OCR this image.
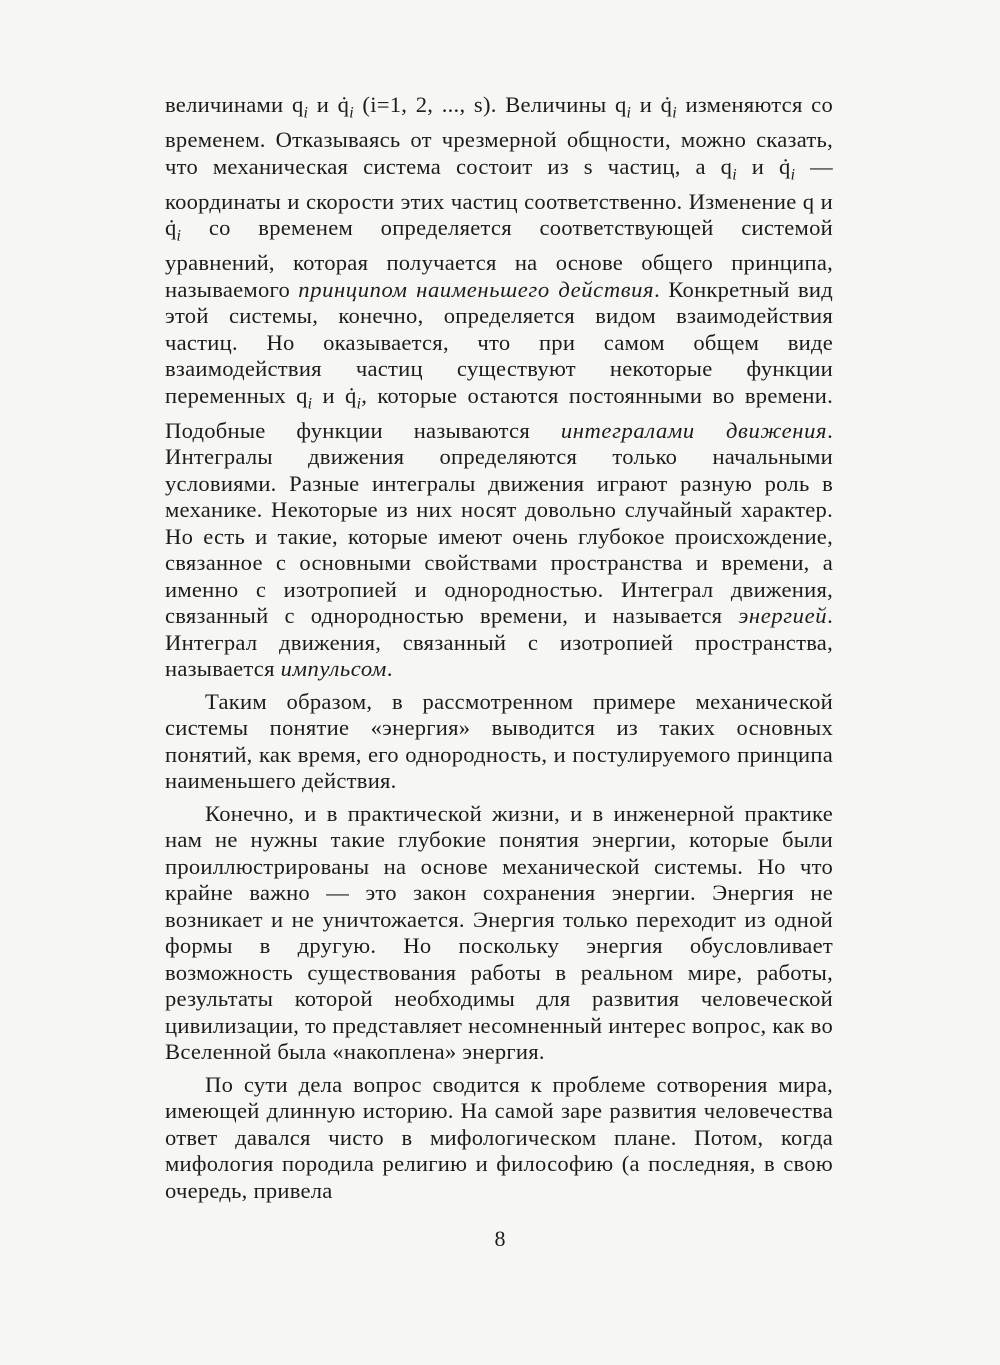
величинами $q_i$ и $q̇_i$ (i=1, 2, ..., s). Величины $q_i$ и $q̇_i$ изменяются со временем. Отказываясь от чрезмерной общности, можно сказать, что механическая система состоит из s частиц, а $q_i$ и $q̇_i$ — координаты и скорости этих частиц соответственно. Изменение q и $q̇_i$ со временем определяется соответствующей системой уравнений, которая получается на основе общего принципа, называемого принципом наименьшего действия. Конкретный вид этой системы, конечно, определяется видом взаимодействия частиц. Но оказывается, что при самом общем виде взаимодействия частиц существуют некоторые функции переменных $q_i$ и $q̇_i$, которые остаются постоянными во времени. Подобные функции называются интегралами движения. Интегралы движения определяются только начальными условиями. Разные интегралы движения играют разную роль в механике. Некоторые из них носят довольно случайный характер. Но есть и такие, которые имеют очень глубокое происхождение, связанное с основными свойствами пространства и времени, а именно с изотропией и однородностью. Интеграл движения, связанный с однородностью времени, и называется энергией. Интеграл движения, связанный с изотропией пространства, называется импульсом.

Таким образом, в рассмотренном примере механической системы понятие «энергия» выводится из таких основных понятий, как время, его однородность, и постулируемого принципа наименьшего действия.

Конечно, и в практической жизни, и в инженерной практике нам не нужны такие глубокие понятия энергии, которые были проиллюстрированы на основе механической системы. Но что крайне важно — это закон сохранения энергии. Энергия не возникает и не уничтожается. Энергия только переходит из одной формы в другую. Но поскольку энергия обусловливает возможность существования работы в реальном мире, работы, результаты которой необходимы для развития человеческой цивилизации, то представляет несомненный интерес вопрос, как во Вселенной была «накоплена» энергия.

По сути дела вопрос сводится к проблеме сотворения мира, имеющей длинную историю. На самой заре развития человечества ответ давался чисто в мифологическом плане. Потом, когда мифология породила религию и философию (а последняя, в свою очередь, привела

8
